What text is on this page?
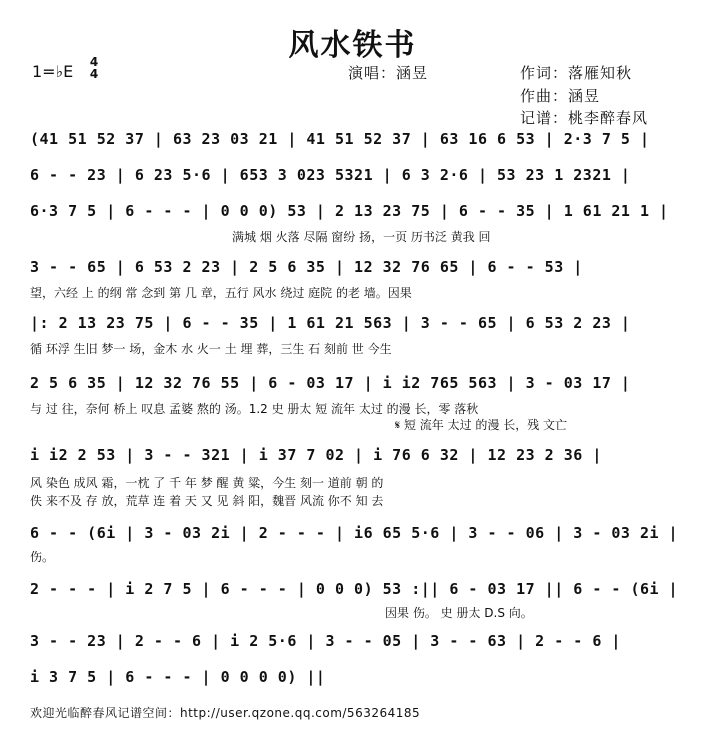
风水铁书
1=♭E 4
4	演唱：涵昱	作词：落雁知秋
作曲：涵昱
记谱：桃李醉春风
(41 51 52 37 | 63 23 03 21 | 41 51 52 37 | 63 16 6 53 | 2·3 7 5 |
6 - - 23 | 6 23 5·6 | 653 3 023 5321 | 6 3 2·6 | 53 23 1 2321 |
6·3 7 5 | 6 - - - | 0 0 0) 53 | 2 13 23 75 | 6 - - 35 | 1 61 21 1 |
满城 烟 火落 尽隔 窗纷 扬，一页 历书泛 黄我 回
3 - - 65 | 6 53 2 23 | 2 5 6 35 | 12 32 76 65 | 6 - - 53 |
望，六经 上 的纲 常 念到 第 几 章，五行 风水 绕过 庭院 的老 墙。因果
|: 2 13 23 75 | 6 - - 35 | 1 61 21 563 | 3 - - 65 | 6 53 2 23 |
循 环浮 生旧 梦一 场，金木 水 火一 土 埋 葬，三生 石 刻前 世 今生
2 5 6 35 | 12 32 76 55 | 6 - 03 17 | i i2 765 563 | 3 - 03 17 |
与 过 往，奈何 桥上 叹息 孟婆 熬的 汤。1.2 史 册太 短 流年 太过 的漫 长，零 落秋
𝄋 短 流年 太过 的漫 长，残 文亡
i i2 2 53 | 3 - - 321 | i 37 7 02 | i 76 6 32 | 12 23 2 36 |
风 染色 成风 霜，一枕 了 千 年 梦 醒 黄 粱，今生 刻一 道前 朝 的
佚 来不及 存 放，荒草 连 着 天 又 见 斜 阳，魏晋 风流 你不 知 去
6 - - (6i | 3 - 03 2i | 2 - - - | i6 65 5·6 | 3 - - 06 | 3 - 03 2i |
伤。
2 - - - | i 2 7 5 | 6 - - - | 0 0 0) 53 :|| 6 - 03 17 || 6 - - (6i |
因果 伤。 史 册太 D.S 向。
3 - - 23 | 2 - - 6 | i 2 5·6 | 3 - - 05 | 3 - - 63 | 2 - - 6 |
i 3 7 5 | 6 - - - | 0 0 0 0) ||
欢迎光临醉春风记谱空间：http://user.qzone.qq.com/563264185
